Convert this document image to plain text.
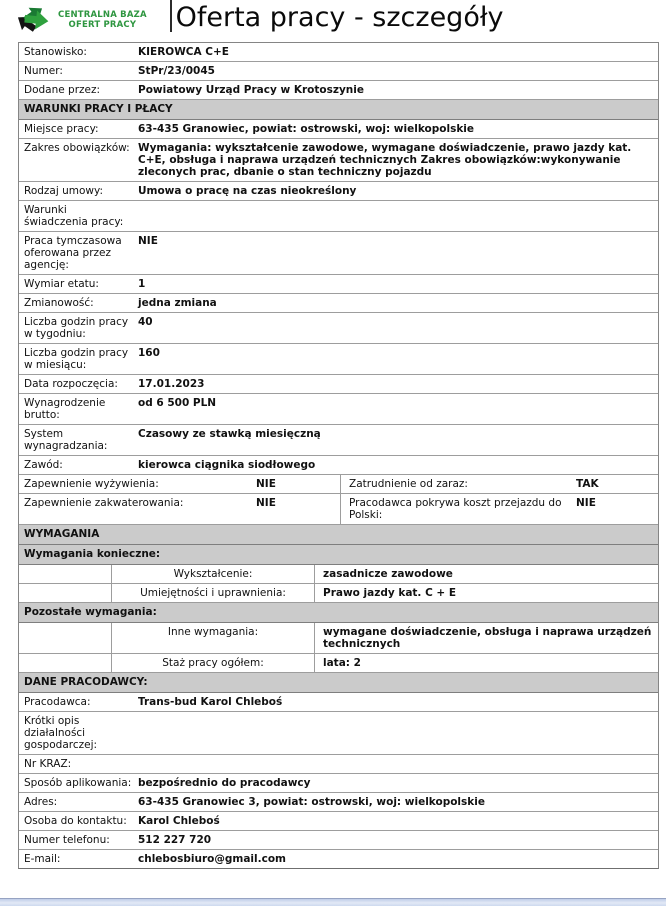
CENTRALNA BAZA
OFERT PRACY Oferta pracy - szczegóły
Stanowisko:	KIEROWCA C+E
Numer:	StPr/23/0045
Dodane przez:	Powiatowy Urząd Pracy w Krotoszynie
WARUNKI PRACY I PŁACY
Miejsce pracy:	63-435 Granowiec, powiat: ostrowski, woj: wielkopolskie
Zakres obowiązków: Wymagania: wykształcenie zawodowe, wymagane doświadczenie, prawo jazdy kat. C+E, obsługa i naprawa urządzeń technicznych Zakres obowiązków:wykonywanie zleconych prac, dbanie o stan techniczny pojazdu
Rodzaj umowy:	Umowa o pracę na czas nieokreślony
Warunki świadczenia pracy:
Praca tymczasowa oferowana przez agencję:
NIE
Wymiar etatu:	1
Zmianowość:	jedna zmiana
Liczba godzin pracy w tygodniu:
40
Liczba godzin pracy w miesiącu:
160
Data rozpoczęcia:	17.01.2023
Wynagrodzenie brutto:
od 6 500 PLN
System wynagradzania:
Czasowy ze stawką miesięczną
Zawód:	kierowca ciągnika siodłowego
Zapewnienie wyżywienia:	NIE	Zatrudnienie od zaraz:	TAK
Zapewnienie zakwaterowania:	NIE	Pracodawca pokrywa koszt przejazdu do Polski:
NIE
WYMAGANIA
Wymagania konieczne:
Wykształcenie:	zasadnicze zawodowe
Umiejętności i uprawnienia:	Prawo jazdy kat. C + E
Pozostałe wymagania:
Inne wymagania:	wymagane doświadczenie, obsługa i naprawa urządzeń technicznych
Staż pracy ogółem:	lata: 2
DANE PRACODAWCY:
Pracodawca:	Trans-bud Karol Chleboś
Krótki opis działalności gospodarczej:
Nr KRAZ:
Sposób aplikowania: bezpośrednio do pracodawcy
Adres:	63-435 Granowiec 3, powiat: ostrowski, woj: wielkopolskie
Osoba do kontaktu:	Karol Chleboś
Numer telefonu:	512 227 720
E-mail:	chlebosbiuro@gmail.com
